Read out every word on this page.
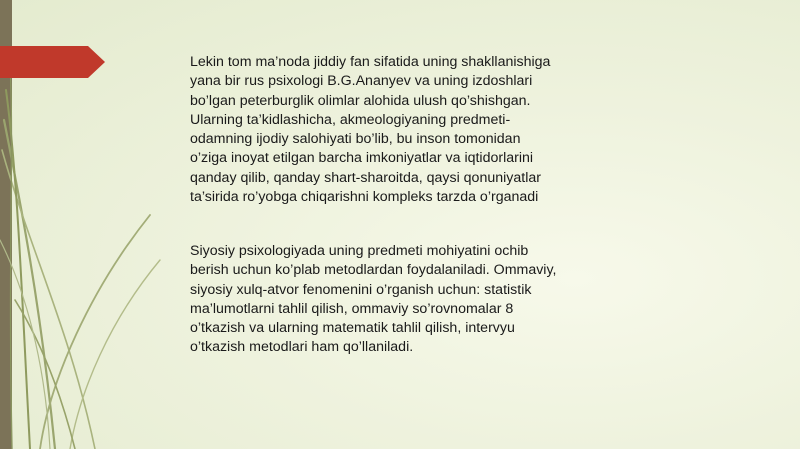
Lekin tom ma’noda jiddiy fan sifatida uning shakllanishiga
yana bir rus psixologi B.G.Ananyev va uning izdoshlari
bo’lgan peterburglik olimlar alohida ulush qo’shishgan.
Ularning ta’kidlashicha, akmeologiyaning predmeti-
odamning ijodiy salohiyati bo’lib, bu inson tomonidan
o’ziga inoyat etilgan barcha imkoniyatlar va iqtidorlarini
qanday qilib, qanday shart-sharoitda, qaysi qonuniyatlar
ta’sirida ro’yobga chiqarishni kompleks tarzda o’rganadi

Siyosiy psixologiyada uning predmeti mohiyatini ochib
berish uchun ko’plab metodlardan foydalaniladi. Ommaviy,
siyosiy xulq-atvor fenomenini o’rganish uchun: statistik
ma’lumotlarni tahlil qilish, ommaviy so’rovnomalar 8
o’tkazish va ularning matematik tahlil qilish, intervyu
o’tkazish metodlari ham qo’llaniladi.
